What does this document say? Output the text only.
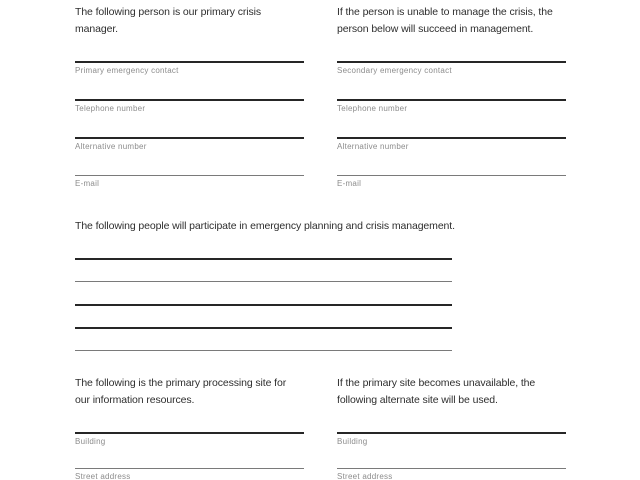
The following person is our primary crisis
manager.
Primary emergency contact
Telephone number
Alternative number
E-mail
If the person is unable to manage the crisis, the
person below will succeed in management.
Secondary emergency contact
Telephone number
Alternative number
E-mail
The following people will participate in emergency planning and crisis management.
The following is the primary processing site for
our information resources.
Building
Street address
If the primary site becomes unavailable, the
following alternate site will be used.
Building
Street address
